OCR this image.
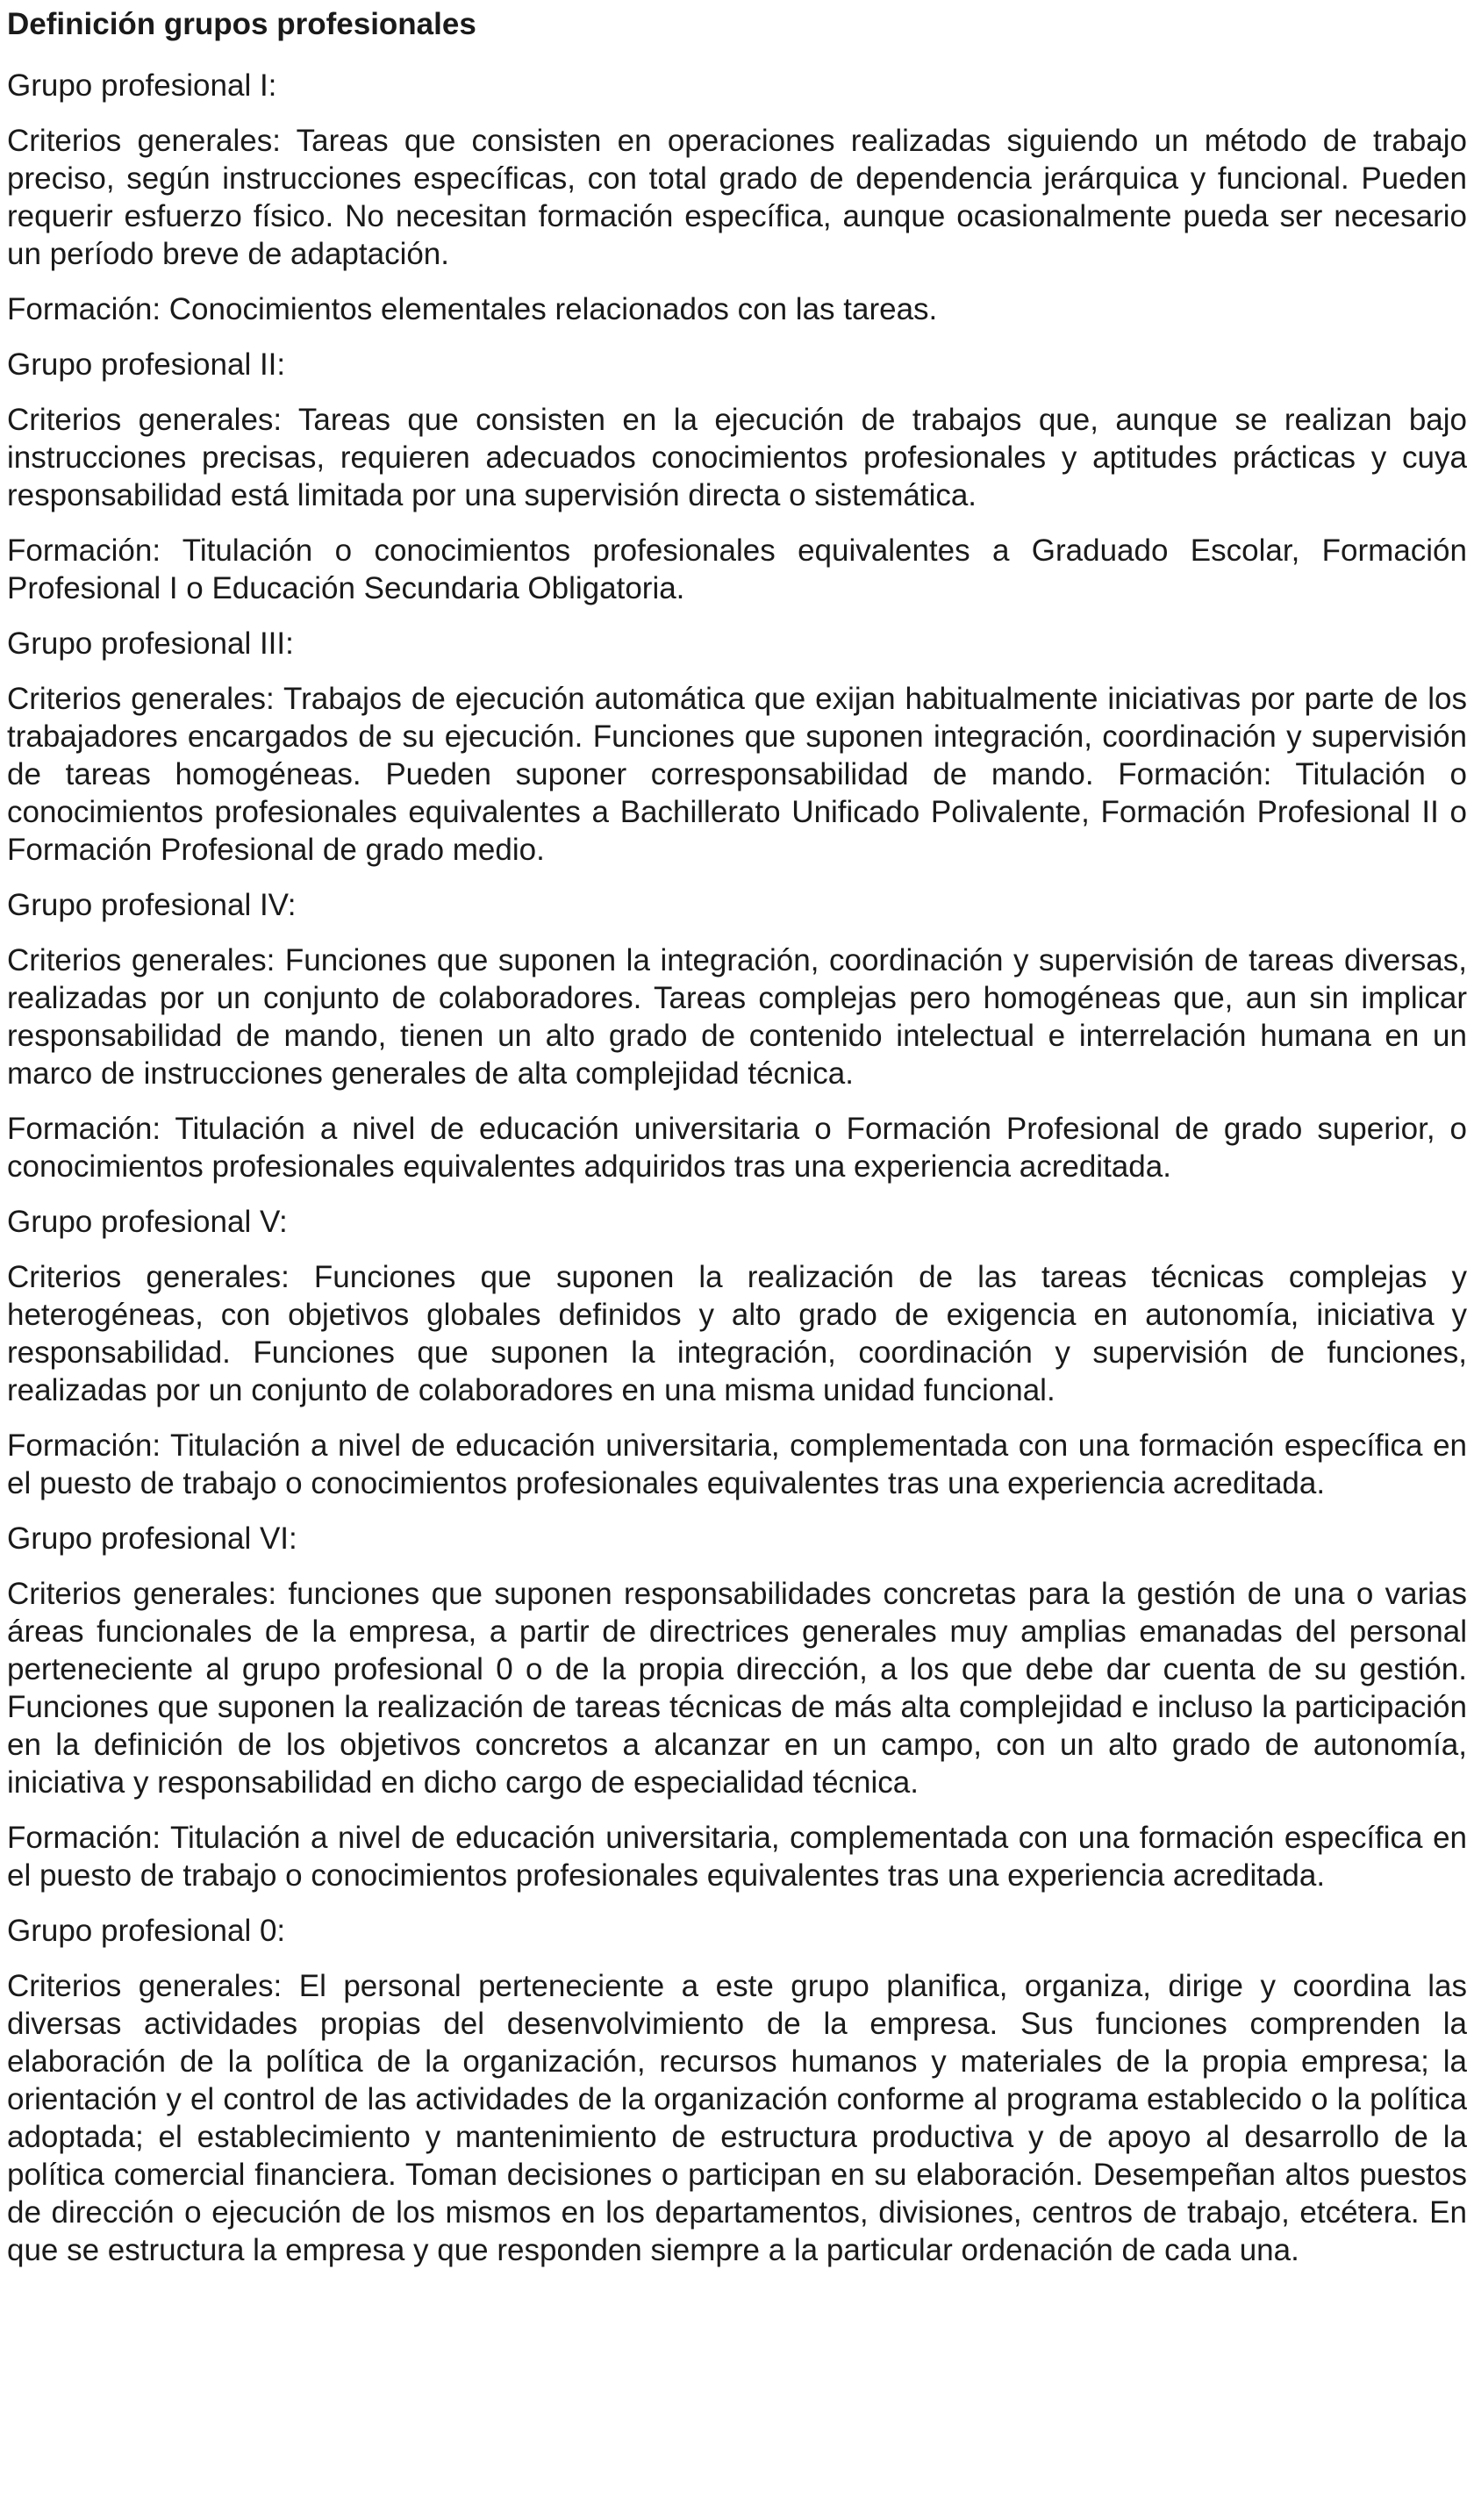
Definición grupos profesionales

Grupo profesional I:

Criterios generales: Tareas que consisten en operaciones realizadas siguiendo un método de trabajo preciso, según instrucciones específicas, con total grado de dependencia jerárquica y funcional. Pueden requerir esfuerzo físico. No necesitan formación específica, aunque ocasionalmente pueda ser necesario un período breve de adaptación.

Formación: Conocimientos elementales relacionados con las tareas.

Grupo profesional II:

Criterios generales: Tareas que consisten en la ejecución de trabajos que, aunque se realizan bajo instrucciones precisas, requieren adecuados conocimientos profesionales y aptitudes prácticas y cuya responsabilidad está limitada por una supervisión directa o sistemática.

Formación: Titulación o conocimientos profesionales equivalentes a Graduado Escolar, Formación Profesional I o Educación Secundaria Obligatoria.

Grupo profesional III:

Criterios generales: Trabajos de ejecución automática que exijan habitualmente iniciativas por parte de los trabajadores encargados de su ejecución. Funciones que suponen integración, coordinación y supervisión de tareas homogéneas. Pueden suponer corresponsabilidad de mando. Formación: Titulación o conocimientos profesionales equivalentes a Bachillerato Unificado Polivalente, Formación Profesional II o Formación Profesional de grado medio.

Grupo profesional IV:

Criterios generales: Funciones que suponen la integración, coordinación y supervisión de tareas diversas, realizadas por un conjunto de colaboradores. Tareas complejas pero homogéneas que, aun sin implicar responsabilidad de mando, tienen un alto grado de contenido intelectual e interrelación humana en un marco de instrucciones generales de alta complejidad técnica.

Formación: Titulación a nivel de educación universitaria o Formación Profesional de grado superior, o conocimientos profesionales equivalentes adquiridos tras una experiencia acreditada.

Grupo profesional V:

Criterios generales: Funciones que suponen la realización de las tareas técnicas complejas y heterogéneas, con objetivos globales definidos y alto grado de exigencia en autonomía, iniciativa y responsabilidad. Funciones que suponen la integración, coordinación y supervisión de funciones, realizadas por un conjunto de colaboradores en una misma unidad funcional.

Formación: Titulación a nivel de educación universitaria, complementada con una formación específica en el puesto de trabajo o conocimientos profesionales equivalentes tras una experiencia acreditada.

Grupo profesional VI:

Criterios generales: funciones que suponen responsabilidades concretas para la gestión de una o varias áreas funcionales de la empresa, a partir de directrices generales muy amplias emanadas del personal perteneciente al grupo profesional 0 o de la propia dirección, a los que debe dar cuenta de su gestión. Funciones que suponen la realización de tareas técnicas de más alta complejidad e incluso la participación en la definición de los objetivos concretos a alcanzar en un campo, con un alto grado de autonomía, iniciativa y responsabilidad en dicho cargo de especialidad técnica.

Formación: Titulación a nivel de educación universitaria, complementada con una formación específica en el puesto de trabajo o conocimientos profesionales equivalentes tras una experiencia acreditada.

Grupo profesional 0:

Criterios generales: El personal perteneciente a este grupo planifica, organiza, dirige y coordina las diversas actividades propias del desenvolvimiento de la empresa. Sus funciones comprenden la elaboración de la política de la organización, recursos humanos y materiales de la propia empresa; la orientación y el control de las actividades de la organización conforme al programa establecido o la política adoptada; el establecimiento y mantenimiento de estructura productiva y de apoyo al desarrollo de la política comercial financiera. Toman decisiones o participan en su elaboración. Desempeñan altos puestos de dirección o ejecución de los mismos en los departamentos, divisiones, centros de trabajo, etcétera. En que se estructura la empresa y que responden siempre a la particular ordenación de cada una.
